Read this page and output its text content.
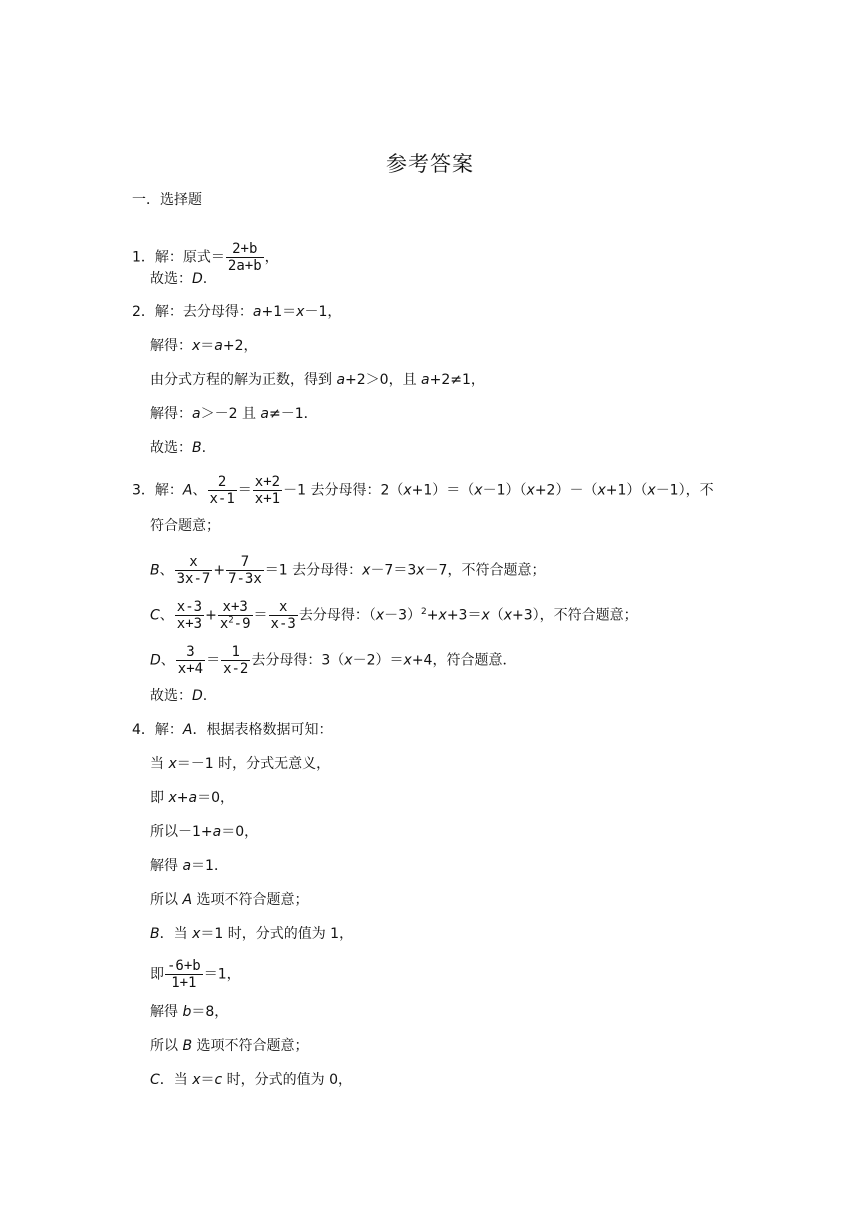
参考答案
一．选择题
1．解：原式＝ $\frac{2+b}{2a+b}$ ，
故选：D.
2．解：去分母得：a+1＝x－1，
解得：x＝a+2，
由分式方程的解为正数，得到 a+2＞0，且 a+2≠1，
解得：a＞－2 且 a≠－1．
故选：B.
3．解：A、 $\frac{2}{x-1} = \frac{x+2}{x+1} -1$ 去分母得：2（x+1）＝（x－1）（x+2）－（x+1）（x－1），不
符合题意；
B、 $\frac{x}{3x-7} + \frac{7}{7-3x} =1$ 去分母得：x－7＝3x－7，不符合题意；
C、 $\frac{x-3}{x+3} + \frac{x+3}{x^2-9} = \frac{x}{x-3}$ 去分母得：$(x-3)^2+x+3=x(x+3)$，不符合题意；
D、 $\frac{3}{x+4} = \frac{1}{x-2}$ 去分母得：3（x－2）＝x+4，符合题意．
故选：D.
4．解：A．根据表格数据可知：
当 x＝－1 时，分式无意义，
即 x+a＝0，
所以－1+a＝0，
解得 a＝1．
所以 A 选项不符合题意；
B．当 x＝1 时，分式的值为 1，
即 $\frac{-6+b}{1+1} =1$，
解得 b＝8，
所以 B 选项不符合题意；
C．当 x＝c 时，分式的值为 0，
